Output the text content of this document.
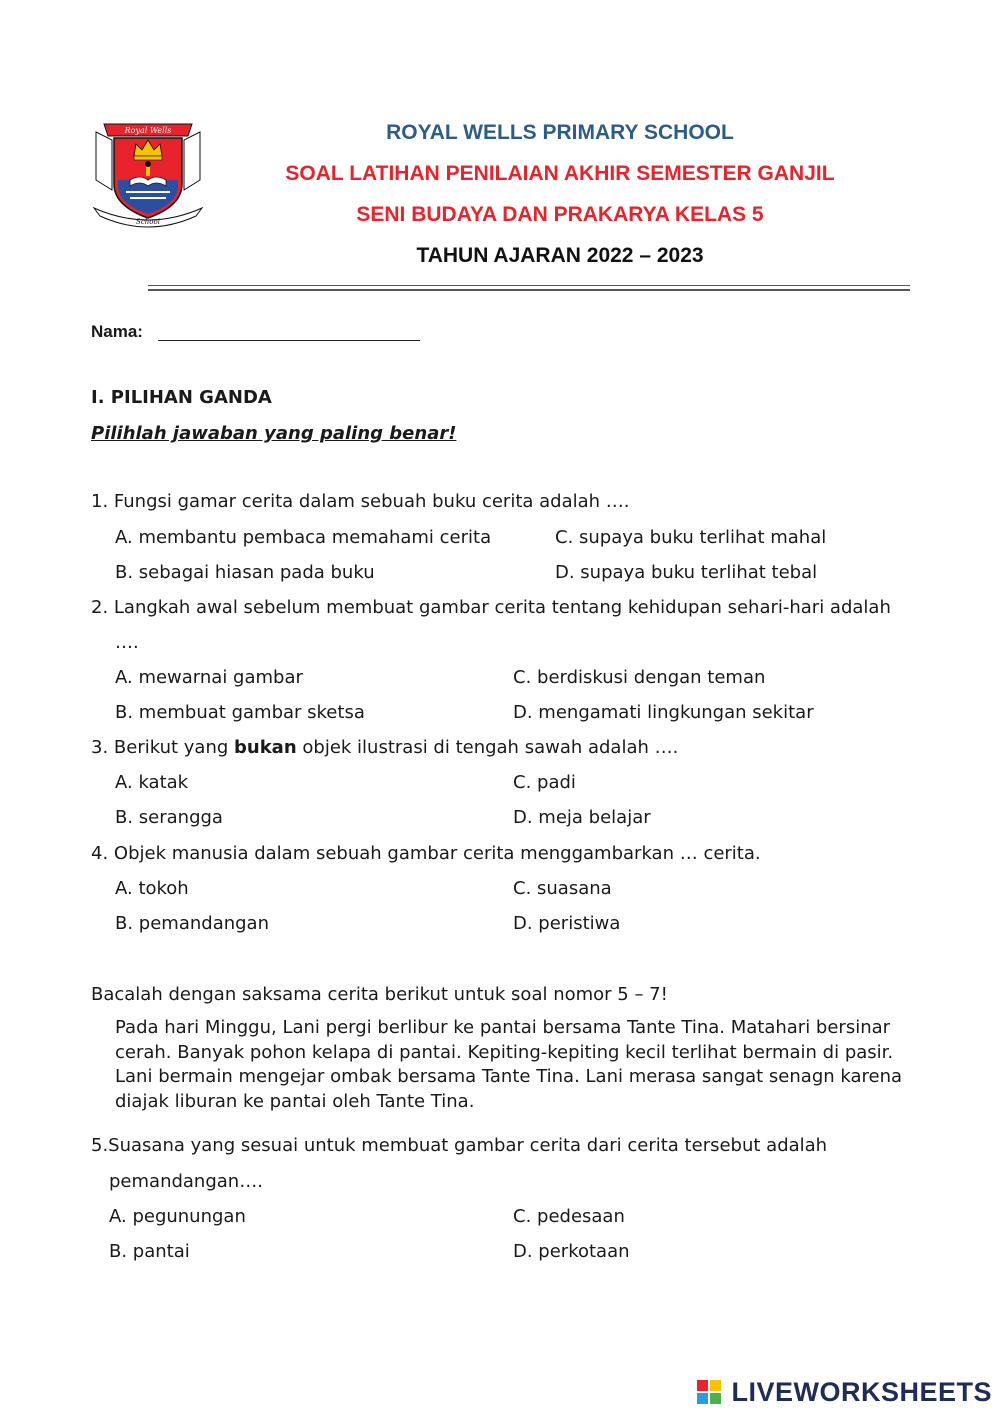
Royal Wells
School
ROYAL WELLS PRIMARY SCHOOL
SOAL LATIHAN PENILAIAN AKHIR SEMESTER GANJIL
SENI BUDAYA DAN PRAKARYA KELAS 5
TAHUN AJARAN 2022 – 2023
Nama:
I. PILIHAN GANDA
Pilihlah jawaban yang paling benar!
1. Fungsi gamar cerita dalam sebuah buku cerita adalah ….
A. membantu pembaca memahami cerita	C. supaya buku terlihat mahal
B. sebagai hiasan pada buku	D. supaya buku terlihat tebal
2. Langkah awal sebelum membuat gambar cerita tentang kehidupan sehari-hari adalah
….
A. mewarnai gambar	C. berdiskusi dengan teman
B. membuat gambar sketsa	D. mengamati lingkungan sekitar
3. Berikut yang bukan objek ilustrasi di tengah sawah adalah ….
A. katak	C. padi
B. serangga	D. meja belajar
4. Objek manusia dalam sebuah gambar cerita menggambarkan … cerita.
A. tokoh	C. suasana
B. pemandangan	D. peristiwa
Bacalah dengan saksama cerita berikut untuk soal nomor 5 – 7!
Pada hari Minggu, Lani pergi berlibur ke pantai bersama Tante Tina. Matahari bersinar cerah. Banyak pohon kelapa di pantai. Kepiting-kepiting kecil terlihat bermain di pasir. Lani bermain mengejar ombak bersama Tante Tina. Lani merasa sangat senagn karena diajak liburan ke pantai oleh Tante Tina.
5.Suasana yang sesuai untuk membuat gambar cerita dari cerita tersebut adalah
pemandangan….
A. pegunungan	C. pedesaan
B. pantai	D. perkotaan
LIVEWORKSHEETS
